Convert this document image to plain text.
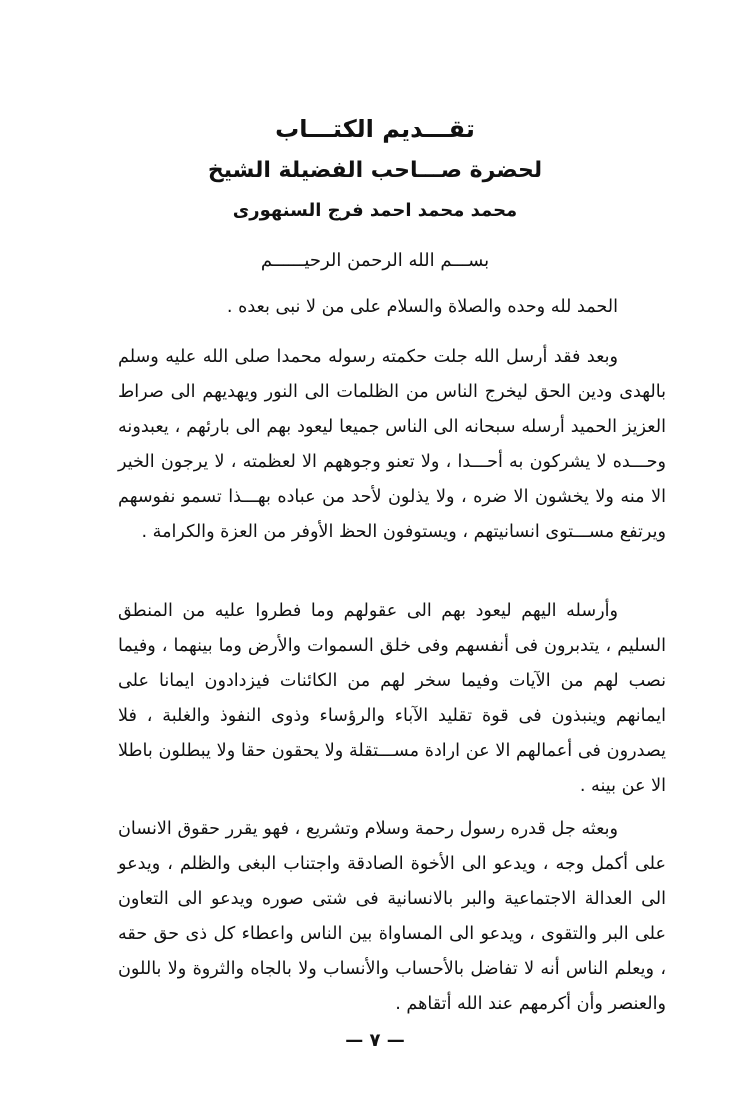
تقـــديم الكتـــاب
لحضرة صـــاحب الفضيلة الشيخ
محمد محمد احمد فرج السنهورى
بســـم الله الرحمن الرحيــــــم
الحمد لله وحده والصلاة والسلام على من لا نبى بعده .
وبعد فقد أرسل الله جلت حكمته رسوله محمدا صلى الله عليه وسلم بالهدى ودين الحق ليخرج الناس من الظلمات الى النور ويهديهم الى صراط العزيز الحميد أرسله سبحانه الى الناس جميعا ليعود بهم الى بارئهم ، يعبدونه وحـــده لا يشركون به أحـــدا ، ولا تعنو وجوههم الا لعظمته ، لا يرجون الخير الا منه ولا يخشون الا ضره ، ولا يذلون لأحد من عباده بهـــذا تسمو نفوسهم ويرتفع مســـتوى انسانيتهم ، ويستوفون الحظ الأوفر من العزة والكرامة .
وأرسله اليهم ليعود بهم الى عقولهم وما فطروا عليه من المنطق السليم ، يتدبرون فى أنفسهم وفى خلق السموات والأرض وما بينهما ، وفيما نصب لهم من الآيات وفيما سخر لهم من الكائنات فيزدادون ايمانا على ايمانهم وينبذون فى قوة تقليد الآباء والرؤساء وذوى النفوذ والغلبة ، فلا يصدرون فى أعمالهم الا عن ارادة مســـتقلة ولا يحقون حقا ولا يبطلون باطلا الا عن بينه .
وبعثه جل قدره رسول رحمة وسلام وتشريع ، فهو يقرر حقوق الانسان على أكمل وجه ، ويدعو الى الأخوة الصادقة واجتناب البغى والظلم ، ويدعو الى العدالة الاجتماعية والبر بالانسانية فى شتى صوره ويدعو الى التعاون على البر والتقوى ، ويدعو الى المساواة بين الناس واعطاء كل ذى حق حقه ، ويعلم الناس أنه لا تفاضل بالأحساب والأنساب ولا بالجاه والثروة ولا باللون والعنصر وأن أكرمهم عند الله أتقاهم .
— ٧ —
